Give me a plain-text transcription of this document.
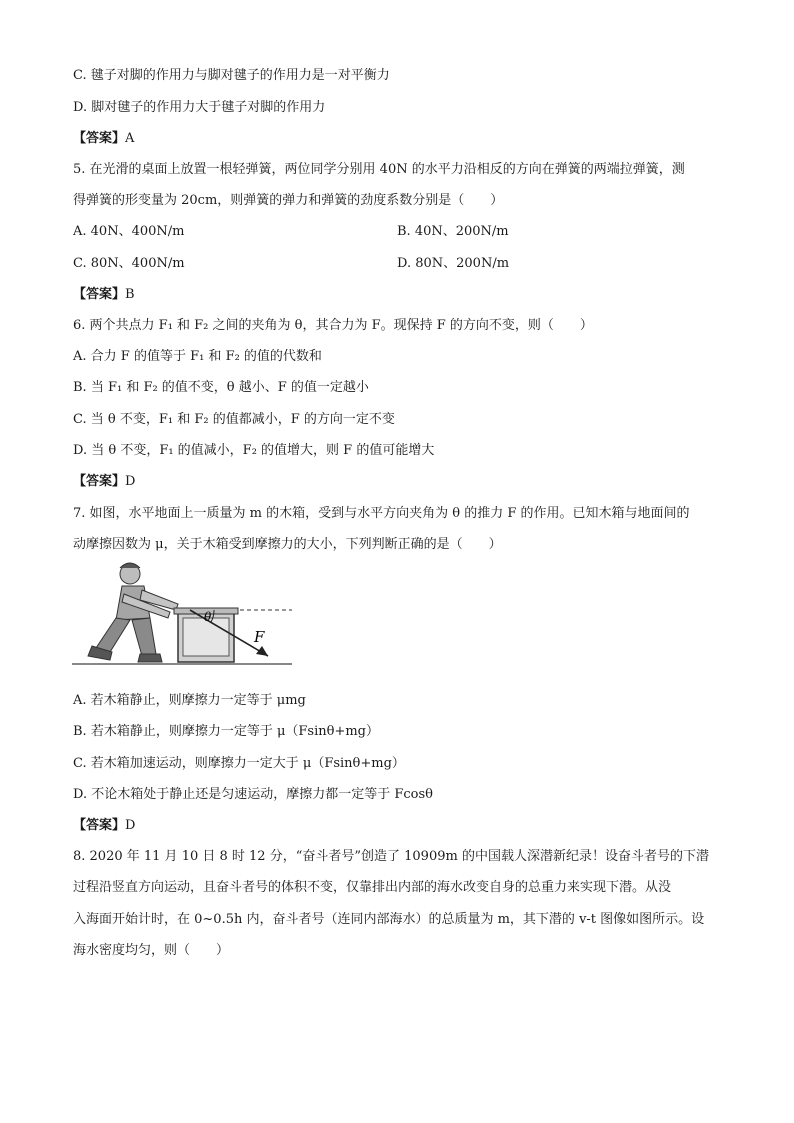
C. 毽子对脚的作用力与脚对毽子的作用力是一对平衡力
D. 脚对毽子的作用力大于毽子对脚的作用力
【答案】A
5. 在光滑的桌面上放置一根轻弹簧，两位同学分别用 40N 的水平力沿相反的方向在弹簧的两端拉弹簧，测
得弹簧的形变量为 20cm，则弹簧的弹力和弹簧的劲度系数分别是（　　）
A. 40N、400N/m	B. 40N、200N/m
C. 80N、400N/m	D. 80N、200N/m
【答案】B
6. 两个共点力 F₁ 和 F₂ 之间的夹角为 θ，其合力为 F。现保持 F 的方向不变，则（　　）
A. 合力 F 的值等于 F₁ 和 F₂ 的值的代数和
B. 当 F₁ 和 F₂ 的值不变，θ 越小、F 的值一定越小
C. 当 θ 不变，F₁ 和 F₂ 的值都减小，F 的方向一定不变
D. 当 θ 不变，F₁ 的值减小，F₂ 的值增大，则 F 的值可能增大
【答案】D
7. 如图，水平地面上一质量为 m 的木箱，受到与水平方向夹角为 θ 的推力 F 的作用。已知木箱与地面间的
动摩擦因数为 μ，关于木箱受到摩擦力的大小，下列判断正确的是（　　）
θ
F
A. 若木箱静止，则摩擦力一定等于 μmg
B. 若木箱静止，则摩擦力一定等于 μ（Fsinθ+mg）
C. 若木箱加速运动，则摩擦力一定大于 μ（Fsinθ+mg）
D. 不论木箱处于静止还是匀速运动，摩擦力都一定等于 Fcosθ
【答案】D
8. 2020 年 11 月 10 日 8 时 12 分，“奋斗者号”创造了 10909m 的中国载人深潜新纪录！设奋斗者号的下潜
过程沿竖直方向运动，且奋斗者号的体积不变，仅靠排出内部的海水改变自身的总重力来实现下潜。从没
入海面开始计时，在 0~0.5h 内，奋斗者号（连同内部海水）的总质量为 m，其下潜的 v-t 图像如图所示。设
海水密度均匀，则（　　）
